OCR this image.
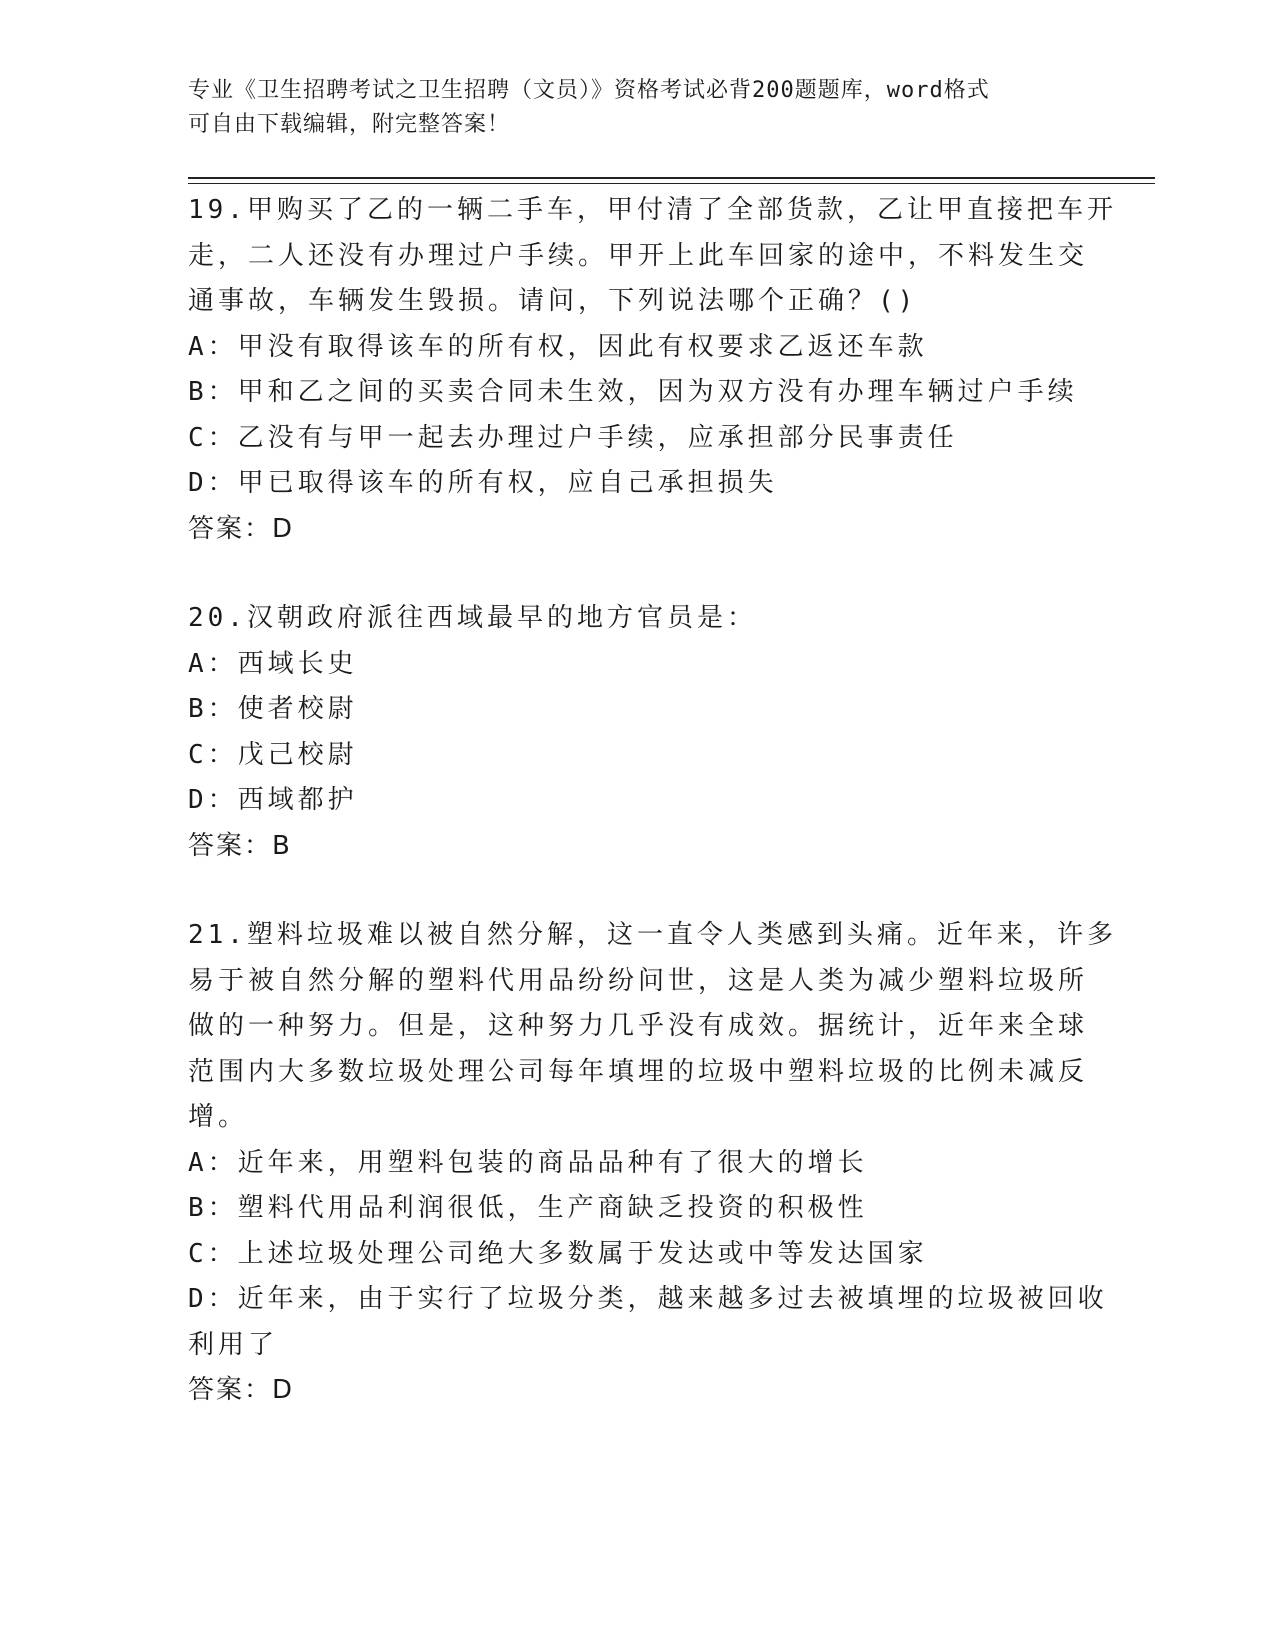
专业《卫生招聘考试之卫生招聘（文员）》资格考试必背200题题库，word格式
可自由下载编辑，附完整答案！
19.甲购买了乙的一辆二手车，甲付清了全部货款，乙让甲直接把车开
走，二人还没有办理过户手续。甲开上此车回家的途中，不料发生交
通事故，车辆发生毁损。请问，下列说法哪个正确？()
A：甲没有取得该车的所有权，因此有权要求乙返还车款
B：甲和乙之间的买卖合同未生效，因为双方没有办理车辆过户手续
C：乙没有与甲一起去办理过户手续，应承担部分民事责任
D：甲已取得该车的所有权，应自己承担损失
答案：D
20.汉朝政府派往西域最早的地方官员是：
A：西域长史
B：使者校尉
C：戊己校尉
D：西域都护
答案：B
21.塑料垃圾难以被自然分解，这一直令人类感到头痛。近年来，许多
易于被自然分解的塑料代用品纷纷问世，这是人类为减少塑料垃圾所
做的一种努力。但是，这种努力几乎没有成效。据统计，近年来全球
范围内大多数垃圾处理公司每年填埋的垃圾中塑料垃圾的比例未减反
增。
A：近年来，用塑料包装的商品品种有了很大的增长
B：塑料代用品利润很低，生产商缺乏投资的积极性
C：上述垃圾处理公司绝大多数属于发达或中等发达国家
D：近年来，由于实行了垃圾分类，越来越多过去被填埋的垃圾被回收
利用了
答案：D
